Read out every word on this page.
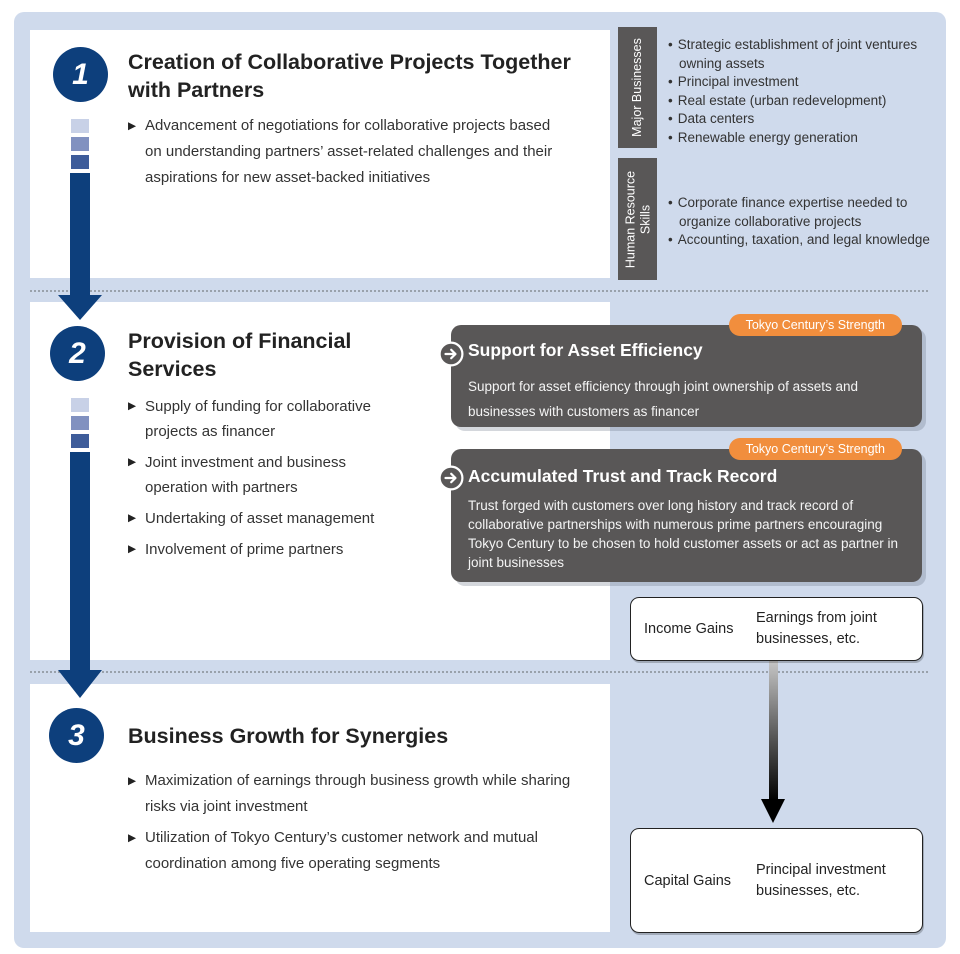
1
2
3
Creation of Collaborative Projects Together with Partners
▶ Advancement of negotiations for collaborative projects based on understanding partners’ asset-related challenges and their aspirations for new asset-backed initiatives
Provision of Financial Services
▶ Supply of funding for collaborative projects as financer
▶ Joint investment and business operation with partners
▶ Undertaking of asset management
▶ Involvement of prime partners
Business Growth for Synergies
▶ Maximization of earnings through business growth while sharing risks via joint investment
▶ Utilization of Tokyo Century’s customer network and mutual coordination among five operating segments
Major Businesses • Strategic establishment of joint ventures owning assets
• Principal investment
• Real estate (urban redevelopment)
• Data centers
• Renewable energy generation
Human Resource Skills
• Corporate finance expertise needed to organize collaborative projects
• Accounting, taxation, and legal knowledge
Tokyo Century’s Strength
Support for Asset Efficiency
Support for asset efficiency through joint ownership of assets and businesses with customers as financer
Tokyo Century’s Strength
Accumulated Trust and Track Record
Trust forged with customers over long history and track record of collaborative partnerships with numerous prime partners encouraging Tokyo Century to be chosen to hold customer assets or act as partner in joint businesses
Income Gains
Earnings from joint businesses, etc.
Capital Gains
Principal investment businesses, etc.
